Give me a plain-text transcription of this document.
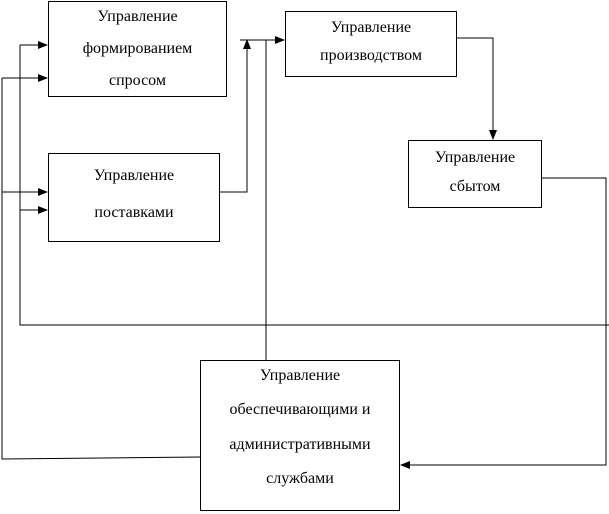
Управление
формированием
спросом
Управление
поставками
Управление
производством
Управление
сбытом
Управление
обеспечивающими и
административными
службами
